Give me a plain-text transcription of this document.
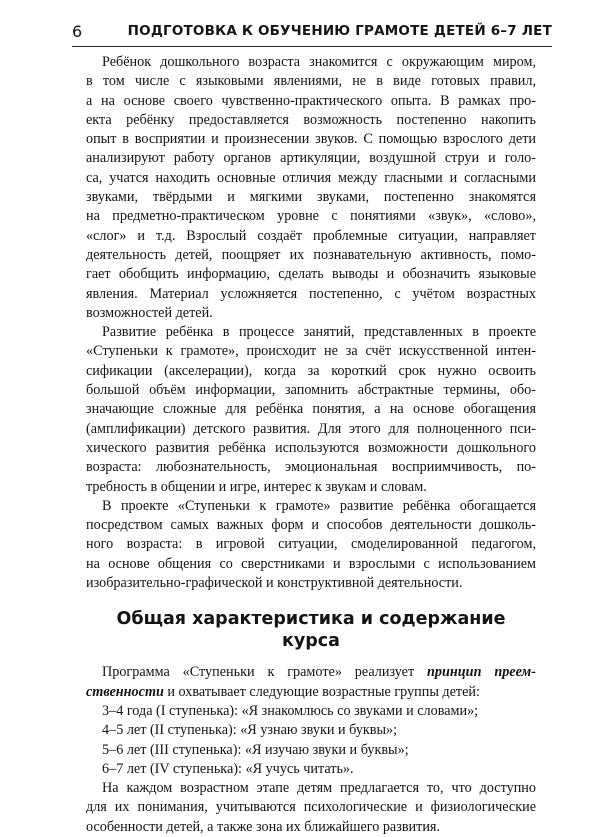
6	ПОДГОТОВКА К ОБУЧЕНИЮ ГРАМОТЕ ДЕТЕЙ 6–7 ЛЕТ
Ребёнок дошкольного возраста знакомится с окружающим миром,
в том числе с языковыми явлениями, не в виде готовых правил,
а на основе своего чувственно-практического опыта. В рамках про-
екта ребёнку предоставляется возможность постепенно накопить
опыт в восприятии и произнесении звуков. С помощью взрослого дети
анализируют работу органов артикуляции, воздушной струи и голо-
са, учатся находить основные отличия между гласными и согласными
звуками, твёрдыми и мягкими звуками, постепенно знакомятся
на предметно-практическом уровне с понятиями «звук», «слово»,
«слог» и т.д. Взрослый создаёт проблемные ситуации, направляет
деятельность детей, поощряет их познавательную активность, помо-
гает обобщить информацию, сделать выводы и обозначить языковые
явления. Материал усложняется постепенно, с учётом возрастных
возможностей детей.
Развитие ребёнка в процессе занятий, представленных в проекте
«Ступеньки к грамоте», происходит не за счёт искусственной интен-
сификации (акселерации), когда за короткий срок нужно освоить
большой объём информации, запомнить абстрактные термины, обо-
значающие сложные для ребёнка понятия, а на основе обогащения
(амплификации) детского развития. Для этого для полноценного пси-
хического развития ребёнка используются возможности дошкольного
возраста: любознательность, эмоциональная восприимчивость, по-
требность в общении и игре, интерес к звукам и словам.
В проекте «Ступеньки к грамоте» развитие ребёнка обогащается
посредством самых важных форм и способов деятельности дошколь-
ного возраста: в игровой ситуации, смоделированной педагогом,
на основе общения со сверстниками и взрослыми с использованием
изобразительно-графической и конструктивной деятельности.
Общая характеристика и содержание курса
Программа «Ступеньки к грамоте» реализует принцип преем-
ственности и охватывает следующие возрастные группы детей:
3–4 года (I ступенька): «Я знакомлюсь со звуками и словами»;
4–5 лет (II ступенька): «Я узнаю звуки и буквы»;
5–6 лет (III ступенька): «Я изучаю звуки и буквы»;
6–7 лет (IV ступенька): «Я учусь читать».
На каждом возрастном этапе детям предлагается то, что доступно
для их понимания, учитываются психологические и физиологические
особенности детей, а также зона их ближайшего развития.
